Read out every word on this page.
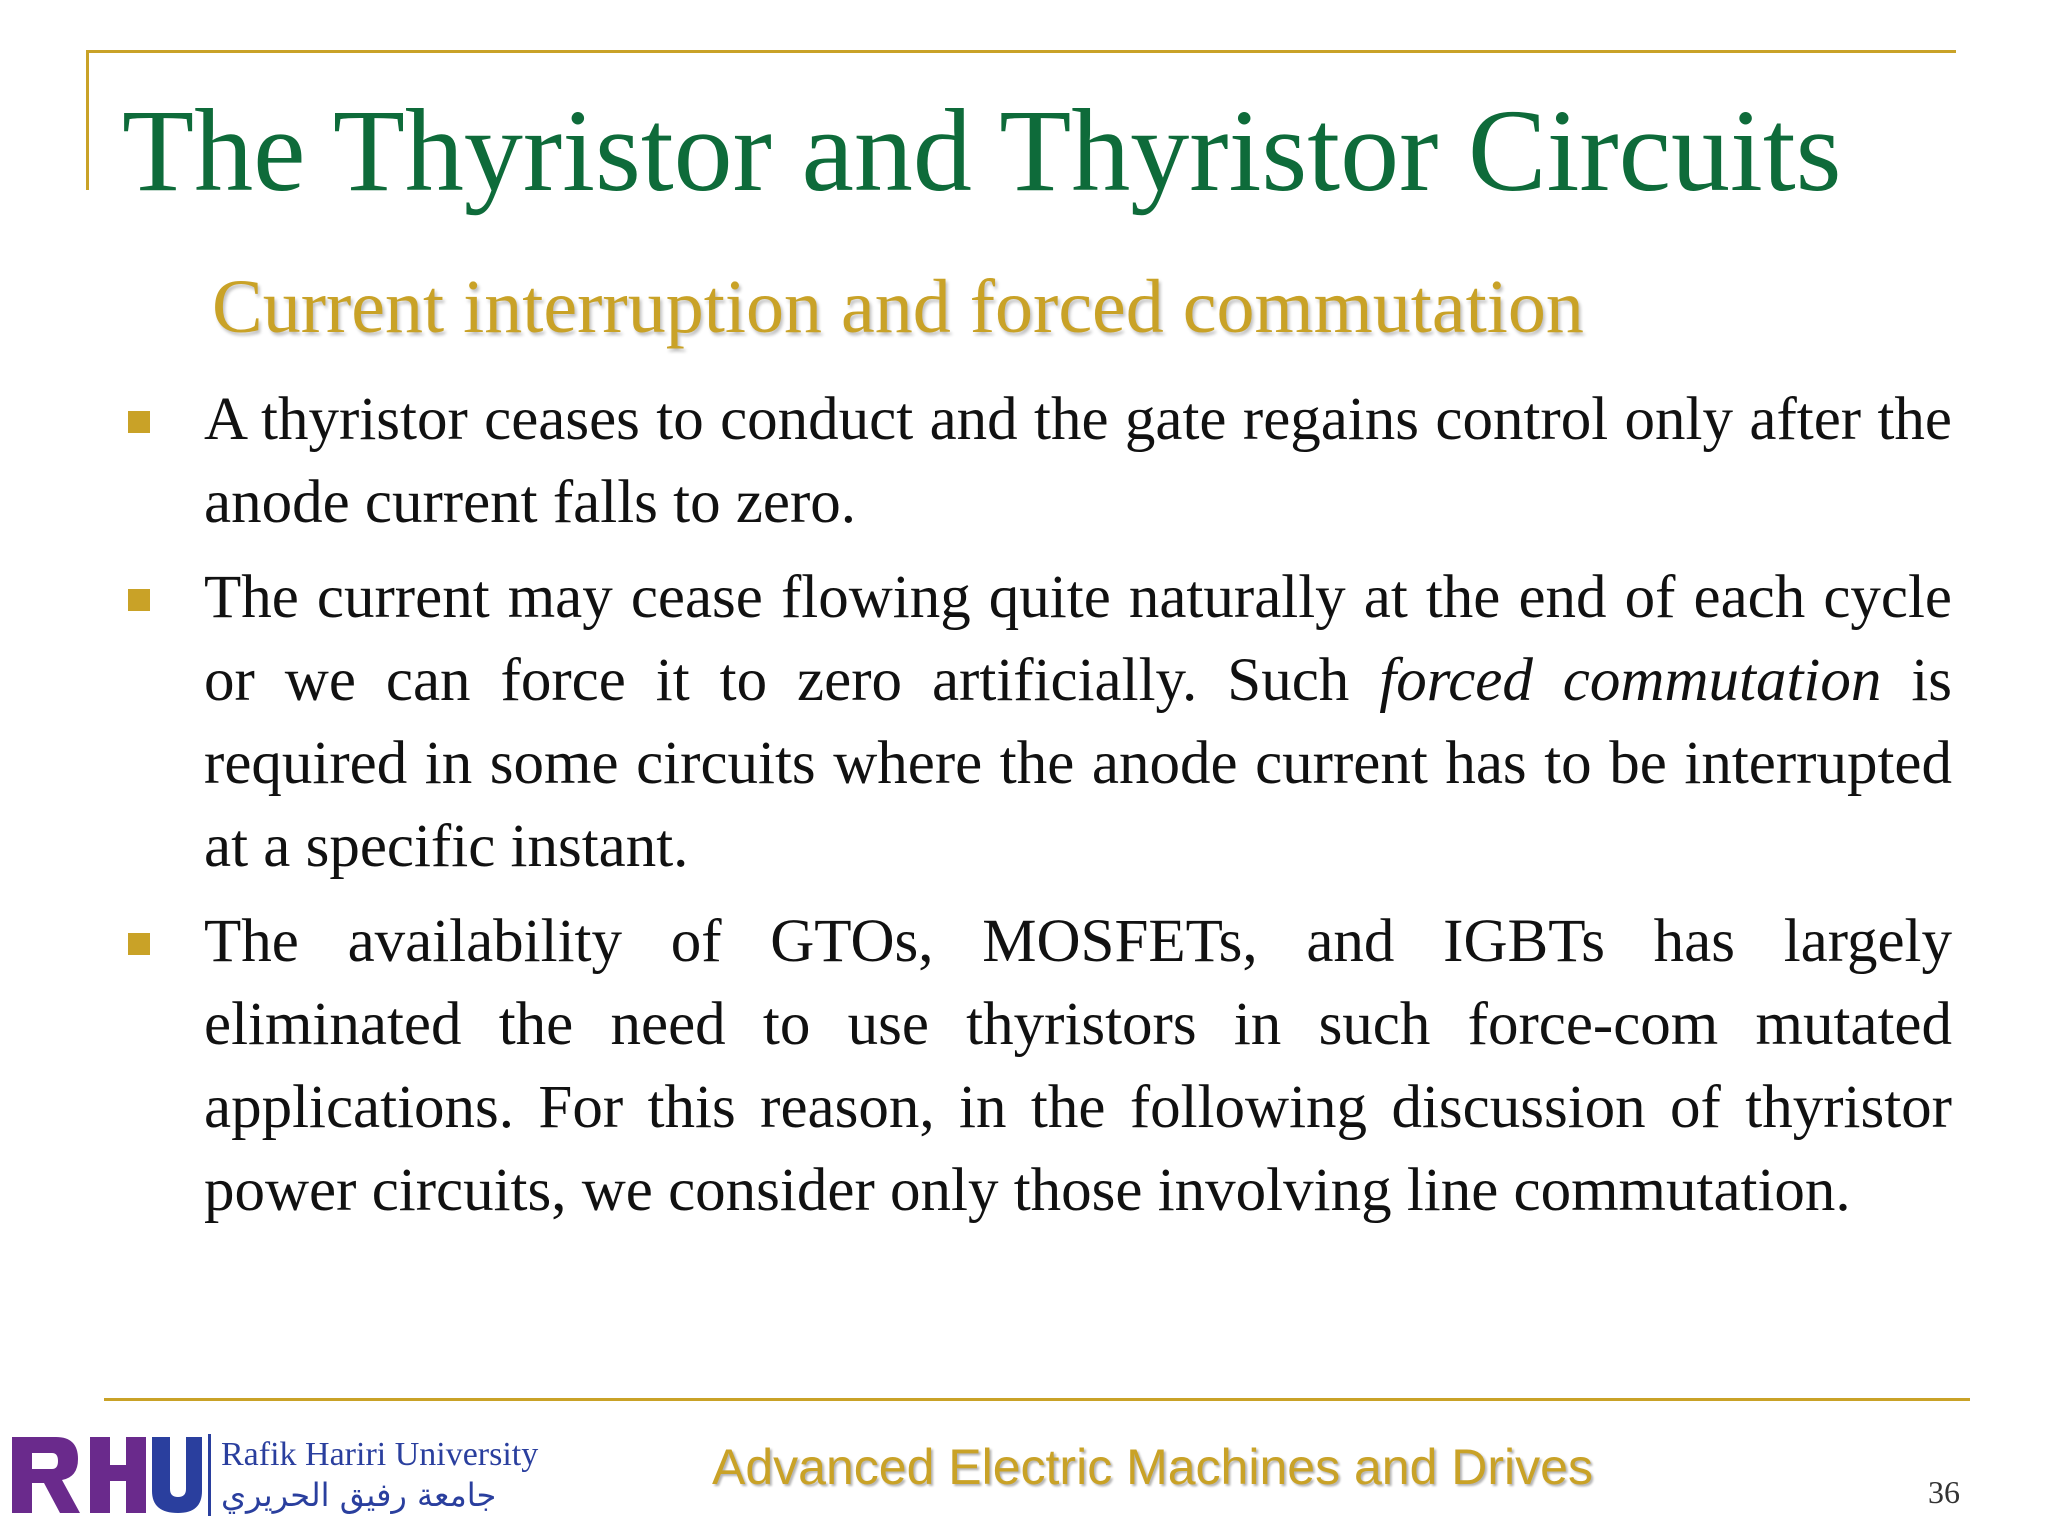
The Thyristor and Thyristor Circuits
Current interruption and forced commutation
A thyristor ceases to conduct and the gate regains control only after the anode current falls to zero.
The current may cease flowing quite naturally at the end of each cycle or we can force it to zero artificially. Such forced commutation is required in some circuits where the anode current has to be interrupted at a specific instant.
The availability of GTOs, MOSFETs, and IGBTs has largely eliminated the need to use thyristors in such force-com mutated applications. For this reason, in the following discussion of thyristor power circuits, we consider only those involving line commutation.
Rafik Hariri University
جامعة رفيق الحريري	Advanced Electric Machines and Drives	36
